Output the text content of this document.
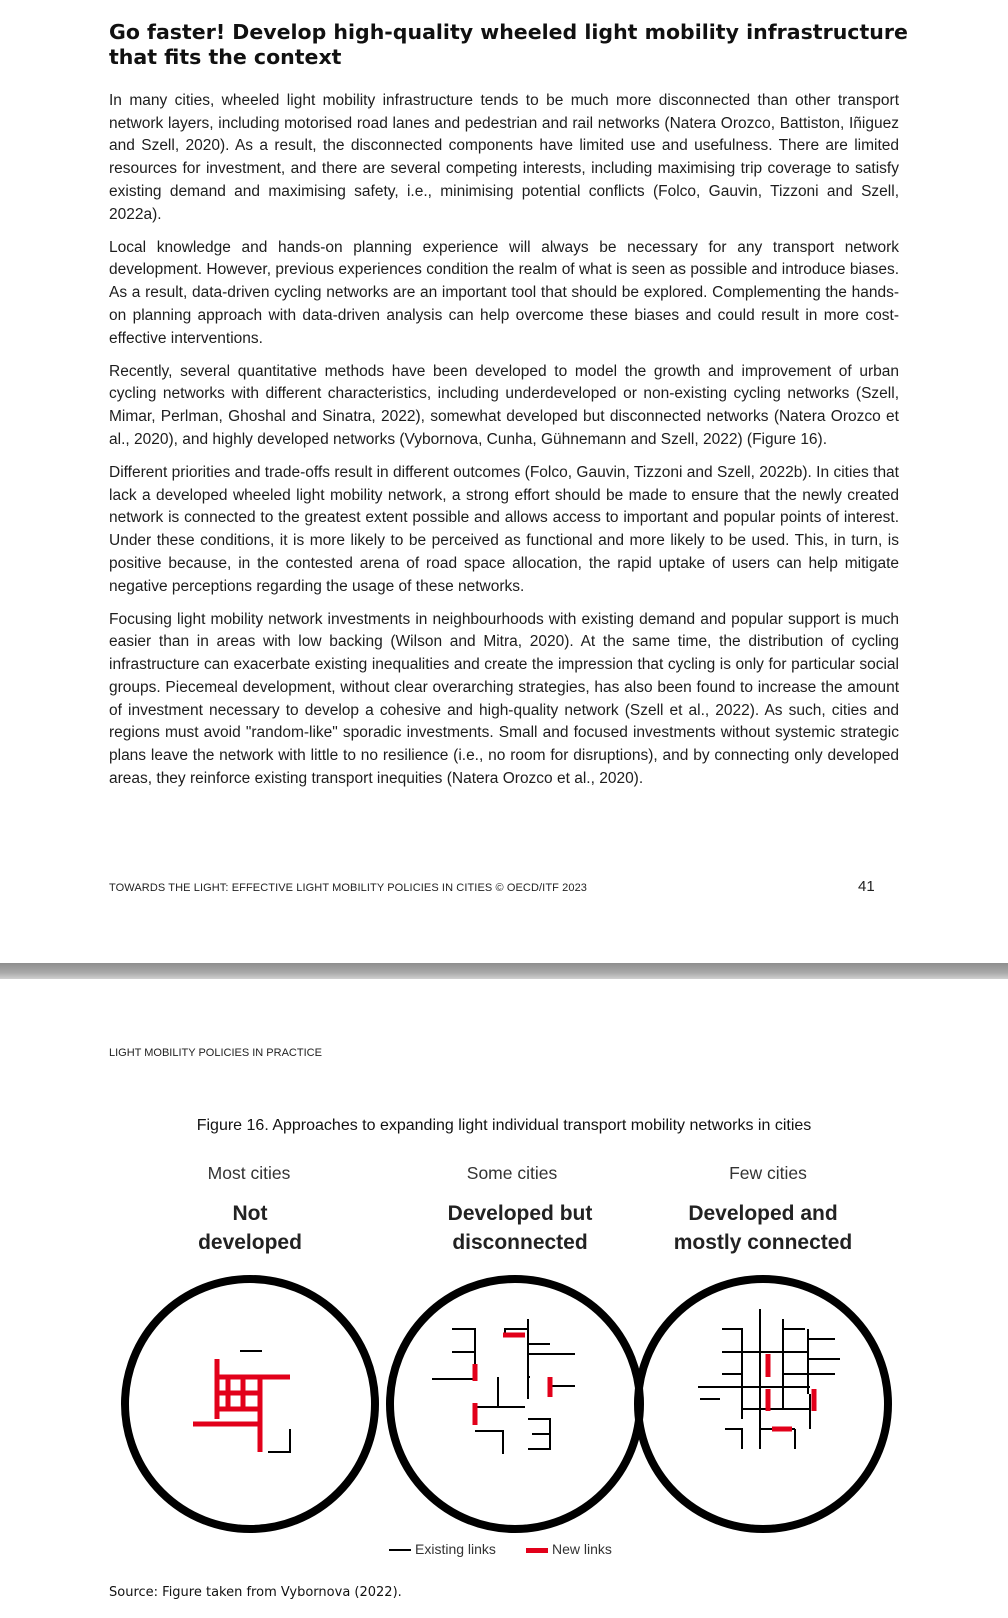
Go faster! Develop high-quality wheeled light mobility infrastructure that fits the context

In many cities, wheeled light mobility infrastructure tends to be much more disconnected than other transport network layers, including motorised road lanes and pedestrian and rail networks (Natera Orozco, Battiston, Iñiguez and Szell, 2020). As a result, the disconnected components have limited use and usefulness. There are limited resources for investment, and there are several competing interests, including maximising trip coverage to satisfy existing demand and maximising safety, i.e., minimising potential conflicts (Folco, Gauvin, Tizzoni and Szell, 2022a).

Local knowledge and hands-on planning experience will always be necessary for any transport network development. However, previous experiences condition the realm of what is seen as possible and introduce biases. As a result, data-driven cycling networks are an important tool that should be explored. Complementing the hands-on planning approach with data-driven analysis can help overcome these biases and could result in more cost-effective interventions.

Recently, several quantitative methods have been developed to model the growth and improvement of urban cycling networks with different characteristics, including underdeveloped or non-existing cycling networks (Szell, Mimar, Perlman, Ghoshal and Sinatra, 2022), somewhat developed but disconnected networks (Natera Orozco et al., 2020), and highly developed networks (Vybornova, Cunha, Gühnemann and Szell, 2022) (Figure 16).

Different priorities and trade-offs result in different outcomes (Folco, Gauvin, Tizzoni and Szell, 2022b). In cities that lack a developed wheeled light mobility network, a strong effort should be made to ensure that the newly created network is connected to the greatest extent possible and allows access to important and popular points of interest. Under these conditions, it is more likely to be perceived as functional and more likely to be used. This, in turn, is positive because, in the contested arena of road space allocation, the rapid uptake of users can help mitigate negative perceptions regarding the usage of these networks.

Focusing light mobility network investments in neighbourhoods with existing demand and popular support is much easier than in areas with low backing (Wilson and Mitra, 2020). At the same time, the distribution of cycling infrastructure can exacerbate existing inequalities and create the impression that cycling is only for particular social groups. Piecemeal development, without clear overarching strategies, has also been found to increase the amount of investment necessary to develop a cohesive and high-quality network (Szell et al., 2022). As such, cities and regions must avoid "random-like" sporadic investments. Small and focused investments without systemic strategic plans leave the network with little to no resilience (i.e., no room for disruptions), and by connecting only developed areas, they reinforce existing transport inequities (Natera Orozco et al., 2020).

TOWARDS THE LIGHT: EFFECTIVE LIGHT MOBILITY POLICIES IN CITIES © OECD/ITF 2023	41
LIGHT MOBILITY POLICIES IN PRACTICE
Figure 16. Approaches to expanding light individual transport mobility networks in cities
Most cities	Some cities	Few cities
Not
developed
Developed but
disconnected
Developed and
mostly connected
Existing links	New links
Source: Figure taken from Vybornova (2022).
